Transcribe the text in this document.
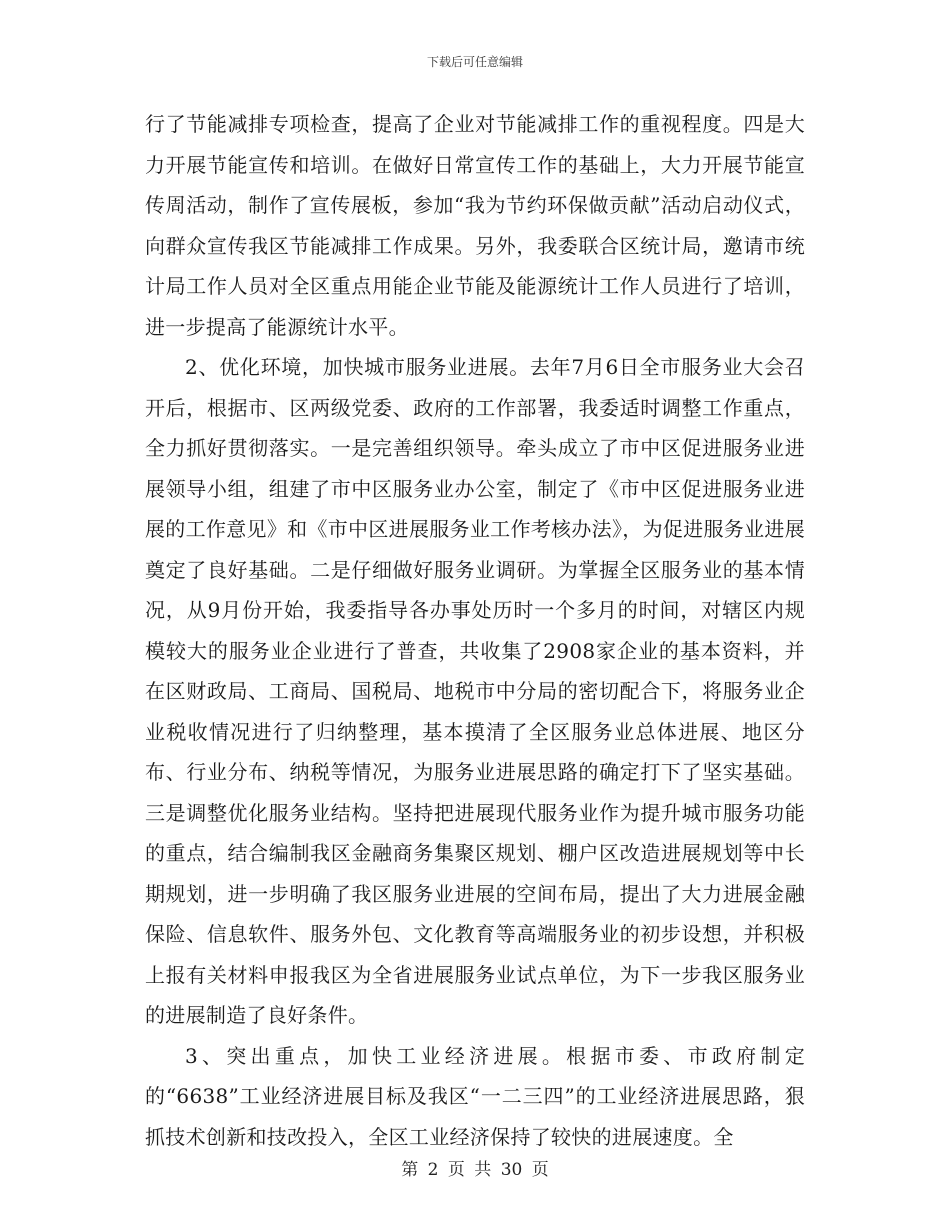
下载后可任意编辑

行了节能减排专项检查，提高了企业对节能减排工作的重视程度。四是大力开展节能宣传和培训。在做好日常宣传工作的基础上，大力开展节能宣传周活动，制作了宣传展板，参加“我为节约环保做贡献”活动启动仪式，向群众宣传我区节能减排工作成果。另外，我委联合区统计局，邀请市统计局工作人员对全区重点用能企业节能及能源统计工作人员进行了培训，进一步提高了能源统计水平。

2、优化环境，加快城市服务业进展。去年7月6日全市服务业大会召开后，根据市、区两级党委、政府的工作部署，我委适时调整工作重点，全力抓好贯彻落实。一是完善组织领导。牵头成立了市中区促进服务业进展领导小组，组建了市中区服务业办公室，制定了《市中区促进服务业进展的工作意见》和《市中区进展服务业工作考核办法》，为促进服务业进展奠定了良好基础。二是仔细做好服务业调研。为掌握全区服务业的基本情况，从9月份开始，我委指导各办事处历时一个多月的时间，对辖区内规模较大的服务业企业进行了普查，共收集了2908家企业的基本资料，并在区财政局、工商局、国税局、地税市中分局的密切配合下，将服务业企业税收情况进行了归纳整理，基本摸清了全区服务业总体进展、地区分布、行业分布、纳税等情况，为服务业进展思路的确定打下了坚实基础。三是调整优化服务业结构。坚持把进展现代服务业作为提升城市服务功能的重点，结合编制我区金融商务集聚区规划、棚户区改造进展规划等中长期规划，进一步明确了我区服务业进展的空间布局，提出了大力进展金融保险、信息软件、服务外包、文化教育等高端服务业的初步设想，并积极上报有关材料申报我区为全省进展服务业试点单位，为下一步我区服务业的进展制造了良好条件。

3、突出重点，加快工业经济进展。根据市委、市政府制定的“6638”工业经济进展目标及我区“一二三四”的工业经济进展思路，狠抓技术创新和技改投入，全区工业经济保持了较快的进展速度。全

第 2 页 共 30 页
